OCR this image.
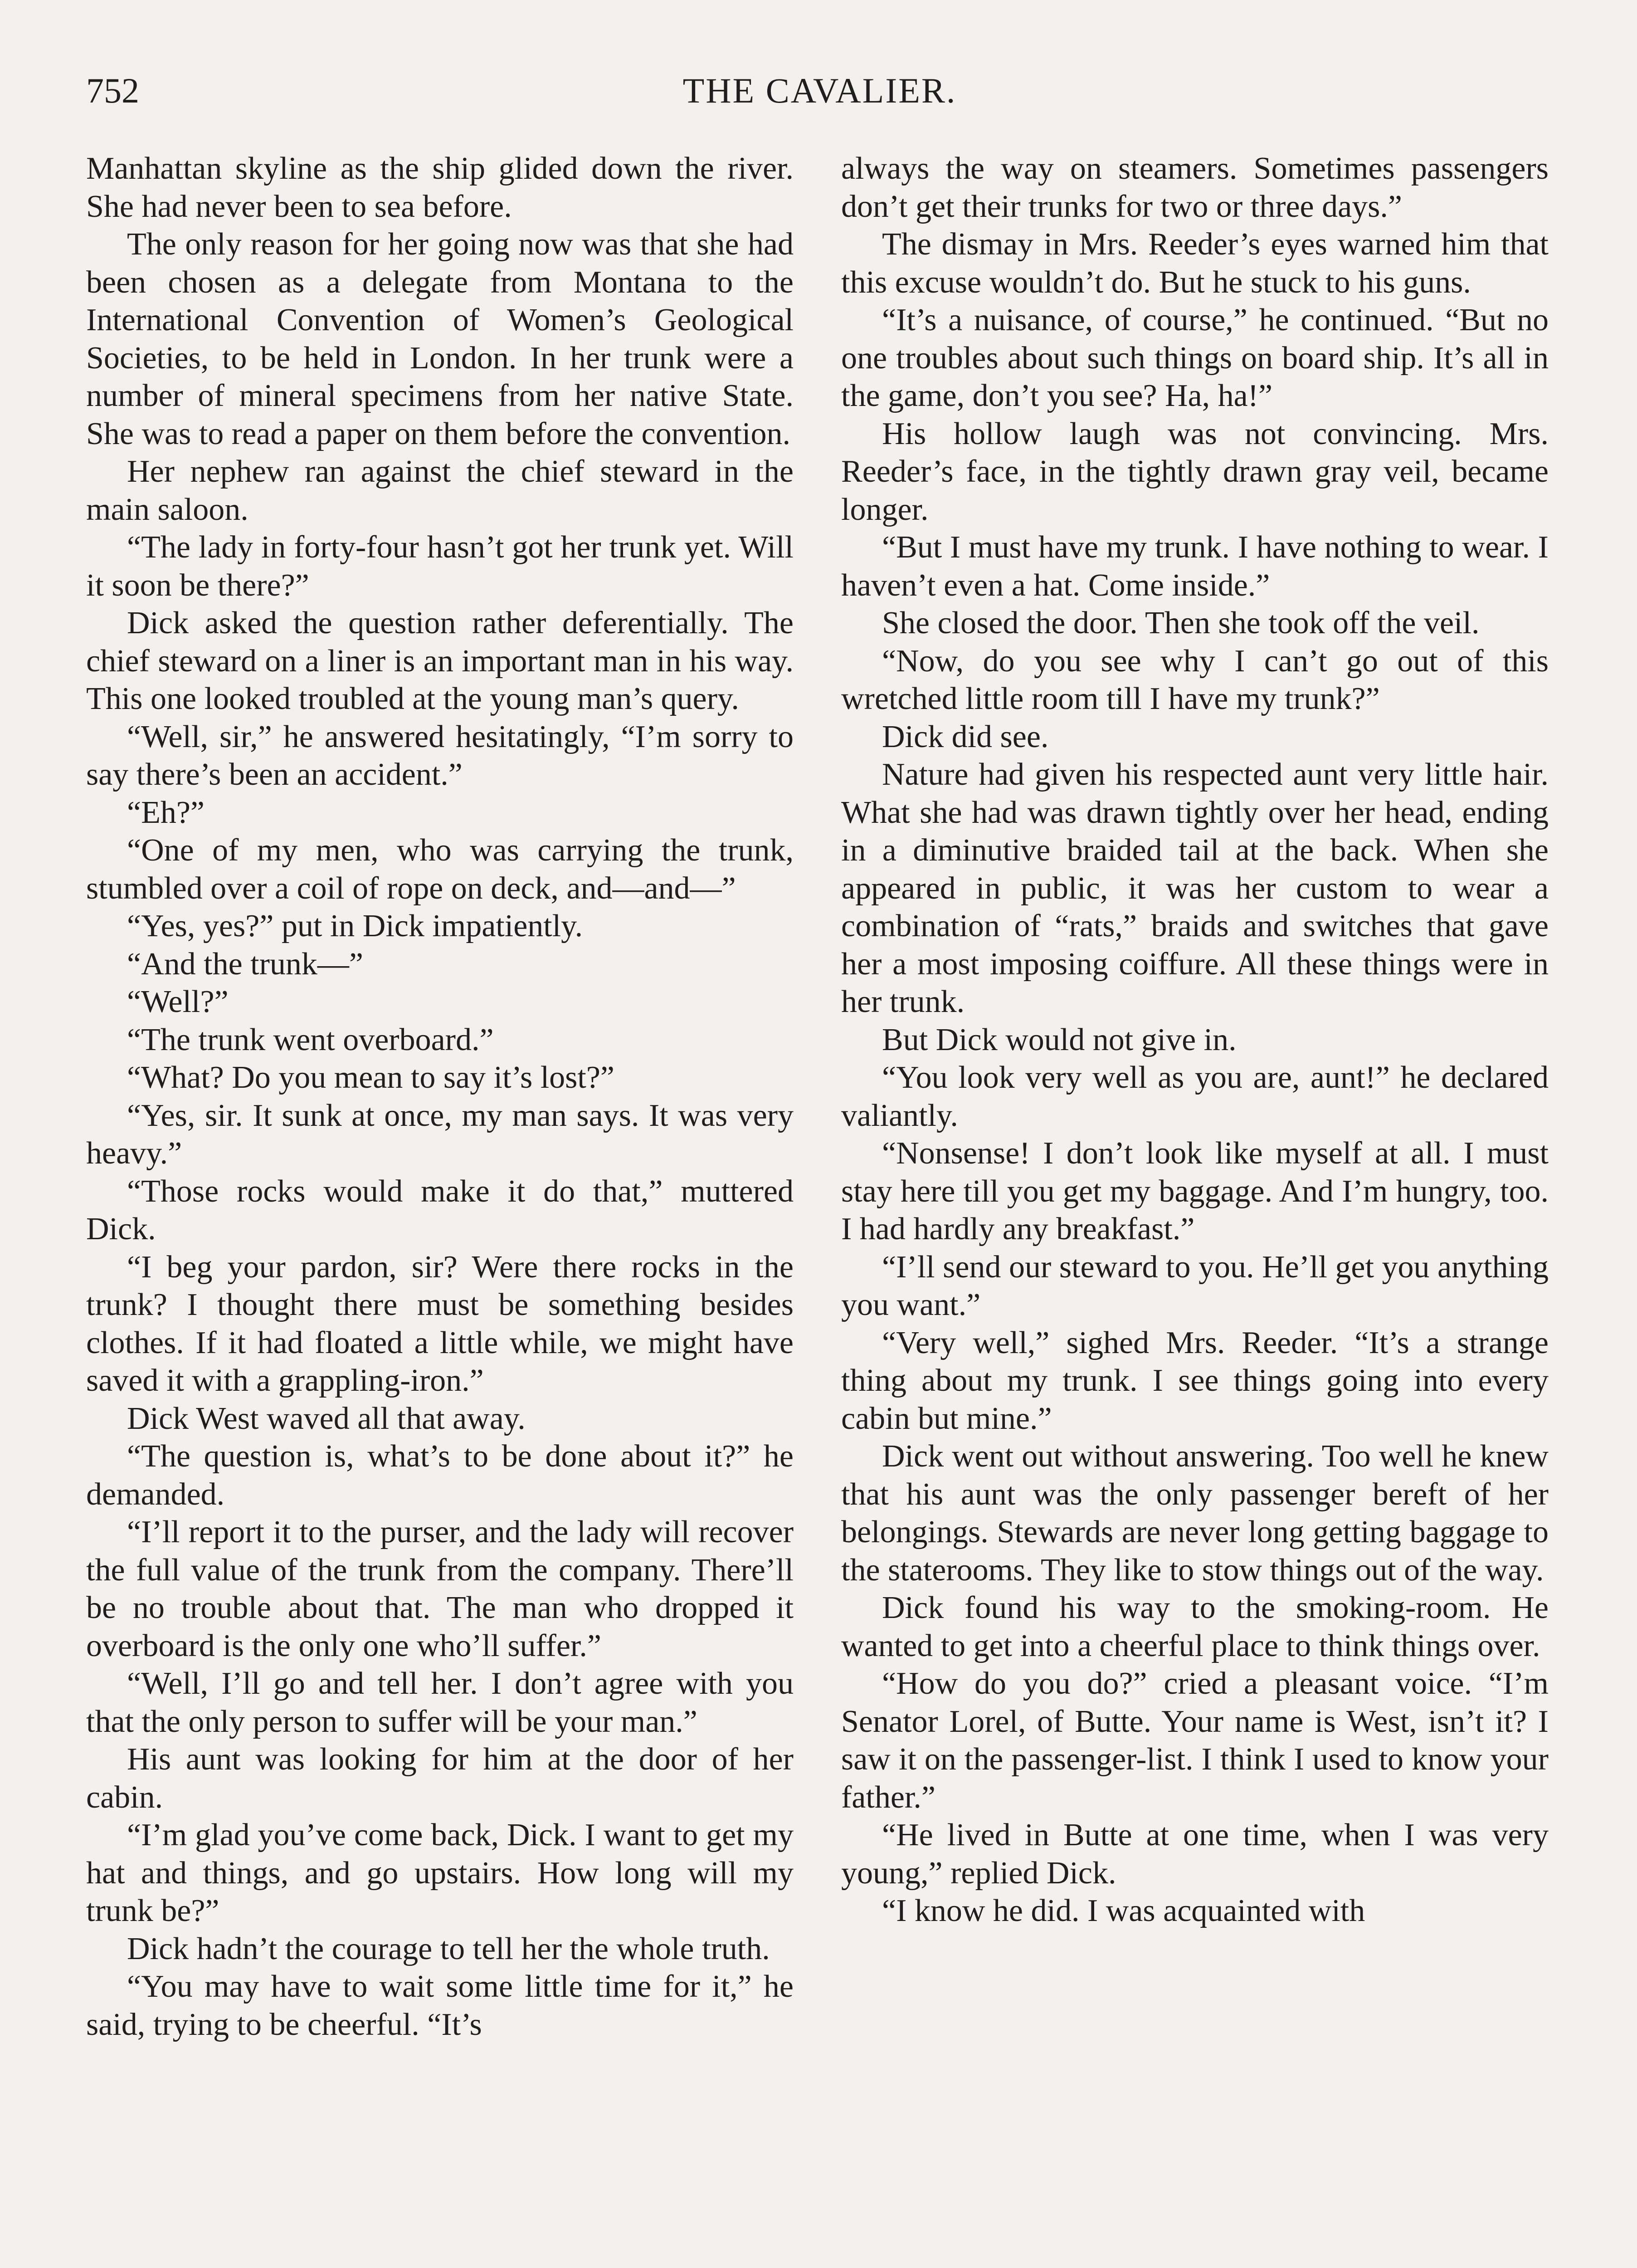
752	THE CAVALIER.

Manhattan skyline as the ship glided down the river. She had never been to sea before.

The only reason for her going now was that she had been chosen as a delegate from Montana to the International Convention of Women’s Geological Societies, to be held in London. In her trunk were a number of mineral specimens from her native State. She was to read a paper on them before the convention.

Her nephew ran against the chief steward in the main saloon.

“The lady in forty-four hasn’t got her trunk yet. Will it soon be there?”

Dick asked the question rather deferentially. The chief steward on a liner is an important man in his way. This one looked troubled at the young man’s query.

“Well, sir,” he answered hesitatingly, “I’m sorry to say there’s been an accident.”

“Eh?”

“One of my men, who was carrying the trunk, stumbled over a coil of rope on deck, and—and—”

“Yes, yes?” put in Dick impatiently.

“And the trunk—”

“Well?”

“The trunk went overboard.”

“What? Do you mean to say it’s lost?”

“Yes, sir. It sunk at once, my man says. It was very heavy.”

“Those rocks would make it do that,” muttered Dick.

“I beg your pardon, sir? Were there rocks in the trunk? I thought there must be something besides clothes. If it had floated a little while, we might have saved it with a grappling-iron.”

Dick West waved all that away.

“The question is, what’s to be done about it?” he demanded.

“I’ll report it to the purser, and the lady will recover the full value of the trunk from the company. There’ll be no trouble about that. The man who dropped it overboard is the only one who’ll suffer.”

“Well, I’ll go and tell her. I don’t agree with you that the only person to suffer will be your man.”

His aunt was looking for him at the door of her cabin.

“I’m glad you’ve come back, Dick. I want to get my hat and things, and go upstairs. How long will my trunk be?”

Dick hadn’t the courage to tell her the whole truth.

“You may have to wait some little time for it,” he said, trying to be cheerful. “It’s

always the way on steamers. Sometimes passengers don’t get their trunks for two or three days.”

The dismay in Mrs. Reeder’s eyes warned him that this excuse wouldn’t do. But he stuck to his guns.

“It’s a nuisance, of course,” he continued. “But no one troubles about such things on board ship. It’s all in the game, don’t you see? Ha, ha!”

His hollow laugh was not convincing. Mrs. Reeder’s face, in the tightly drawn gray veil, became longer.

“But I must have my trunk. I have nothing to wear. I haven’t even a hat. Come inside.”

She closed the door. Then she took off the veil.

“Now, do you see why I can’t go out of this wretched little room till I have my trunk?”

Dick did see.

Nature had given his respected aunt very little hair. What she had was drawn tightly over her head, ending in a diminutive braided tail at the back. When she appeared in public, it was her custom to wear a combination of “rats,” braids and switches that gave her a most imposing coiffure. All these things were in her trunk.

But Dick would not give in.

“You look very well as you are, aunt!” he declared valiantly.

“Nonsense! I don’t look like myself at all. I must stay here till you get my baggage. And I’m hungry, too. I had hardly any breakfast.”

“I’ll send our steward to you. He’ll get you anything you want.”

“Very well,” sighed Mrs. Reeder. “It’s a strange thing about my trunk. I see things going into every cabin but mine.”

Dick went out without answering. Too well he knew that his aunt was the only passenger bereft of her belongings. Stewards are never long getting baggage to the staterooms. They like to stow things out of the way.

Dick found his way to the smoking-room. He wanted to get into a cheerful place to think things over.

“How do you do?” cried a pleasant voice. “I’m Senator Lorel, of Butte. Your name is West, isn’t it? I saw it on the passenger-list. I think I used to know your father.”

“He lived in Butte at one time, when I was very young,” replied Dick.

“I know he did. I was acquainted with
